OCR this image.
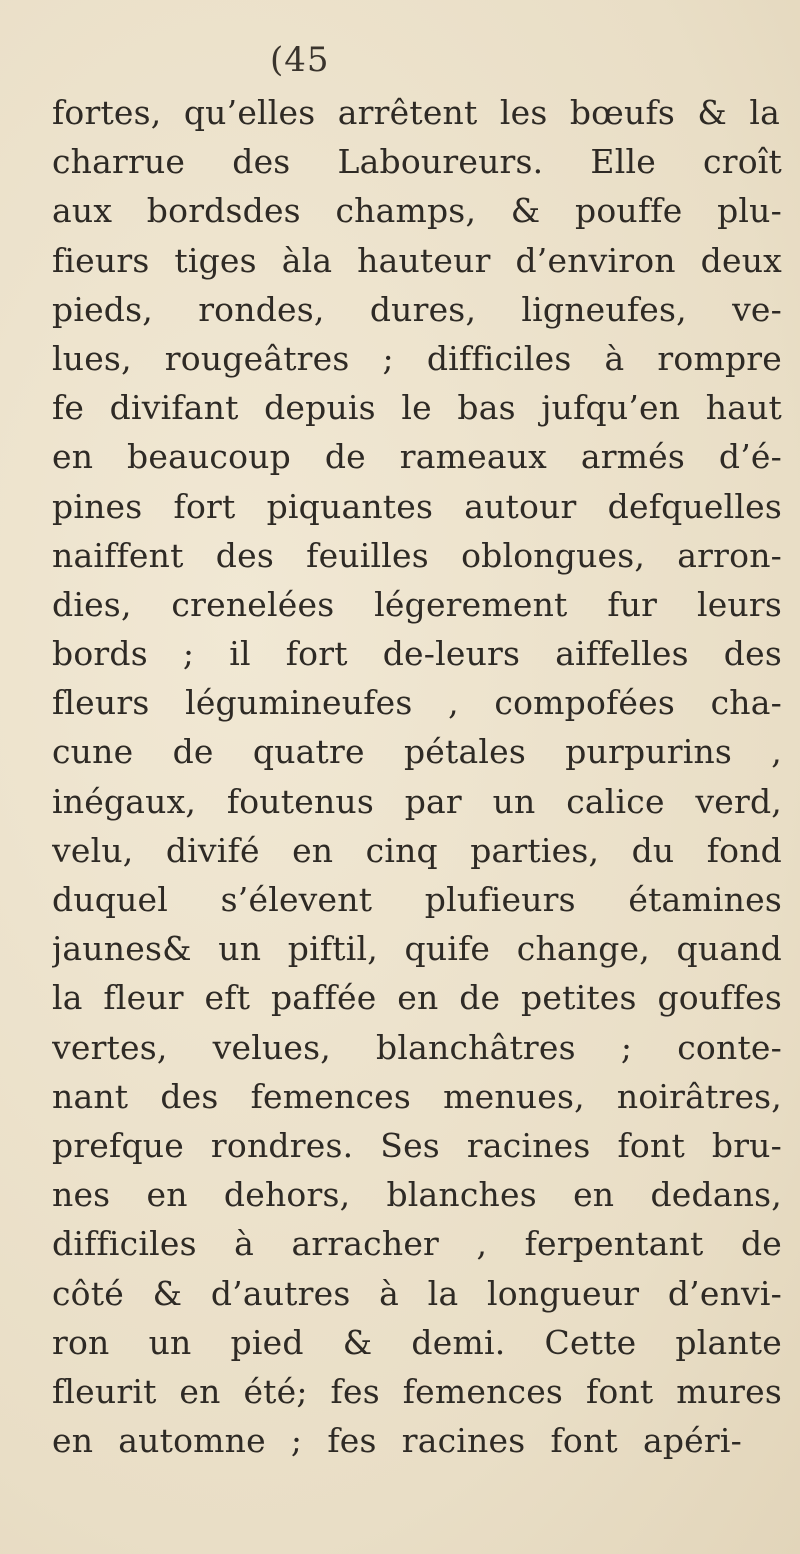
(45
fortes, qu’elles arrêtent les bœufs & la
charrue des Laboureurs. Elle croît
aux bordsdes champs, & pouffe plu-
fieurs tiges àla hauteur d’environ deux
pieds, rondes, dures, ligneufes, ve-
lues, rougeâtres ; difficiles à rompre
fe divifant depuis le bas jufqu’en haut
en beaucoup de rameaux armés d’é-
pines fort piquantes autour defquelles
naiffent des feuilles oblongues, arron-
dies, crenelées légerement fur leurs
bords ; il fort de-leurs aiffelles des
fleurs légumineufes , compofées cha-
cune de quatre pétales purpurins ,
inégaux, foutenus par un calice verd,
velu, divifé en cinq parties, du fond
duquel s’élevent plufieurs étamines
jaunes& un piftil, quife change, quand
la fleur eft paffée en de petites gouffes
vertes, velues, blanchâtres ; conte-
nant des femences menues, noirâtres,
prefque rondres. Ses racines font bru-
nes en dehors, blanches en dedans,
difficiles à arracher , ferpentant de
côté & d’autres à la longueur d’envi-
ron un pied & demi. Cette plante
fleurit en été; fes femences font mures
en automne ; fes racines font apéri-
